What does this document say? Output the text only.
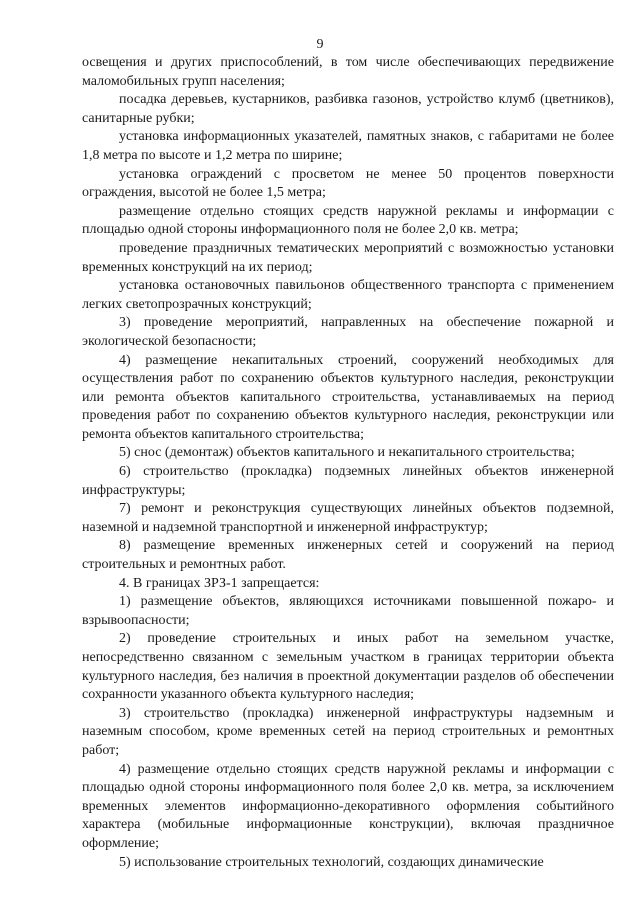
9

освещения и других приспособлений, в том числе обеспечивающих передвижение маломобильных групп населения;

посадка деревьев, кустарников, разбивка газонов, устройство клумб (цветников), санитарные рубки;

установка информационных указателей, памятных знаков, с габаритами не более 1,8 метра по высоте и 1,2 метра по ширине;

установка ограждений с просветом не менее 50 процентов поверхности ограждения, высотой не более 1,5 метра;

размещение отдельно стоящих средств наружной рекламы и информации с площадью одной стороны информационного поля не более 2,0 кв. метра;

проведение праздничных тематических мероприятий с возможностью установки временных конструкций на их период;

установка остановочных павильонов общественного транспорта с применением легких светопрозрачных конструкций;

3) проведение мероприятий, направленных на обеспечение пожарной и экологической безопасности;

4) размещение некапитальных строений, сооружений необходимых для осуществления работ по сохранению объектов культурного наследия, реконструкции или ремонта объектов капитального строительства, устанавливаемых на период проведения работ по сохранению объектов культурного наследия, реконструкции или ремонта объектов капитального строительства;

5) снос (демонтаж) объектов капитального и некапитального строительства;

6) строительство (прокладка) подземных линейных объектов инженерной инфраструктуры;

7) ремонт и реконструкция существующих линейных объектов подземной, наземной и надземной транспортной и инженерной инфраструктур;

8) размещение временных инженерных сетей и сооружений на период строительных и ремонтных работ.

4. В границах ЗРЗ-1 запрещается:

1) размещение объектов, являющихся источниками повышенной пожаро- и взрывоопасности;

2) проведение строительных и иных работ на земельном участке, непосредственно связанном с земельным участком в границах территории объекта культурного наследия, без наличия в проектной документации разделов об обеспечении сохранности указанного объекта культурного наследия;

3) строительство (прокладка) инженерной инфраструктуры надземным и наземным способом, кроме временных сетей на период строительных и ремонтных работ;

4) размещение отдельно стоящих средств наружной рекламы и информации с площадью одной стороны информационного поля более 2,0 кв. метра, за исключением временных элементов информационно-декоративного оформления событийного характера (мобильные информационные конструкции), включая праздничное оформление;

5) использование строительных технологий, создающих динамические
